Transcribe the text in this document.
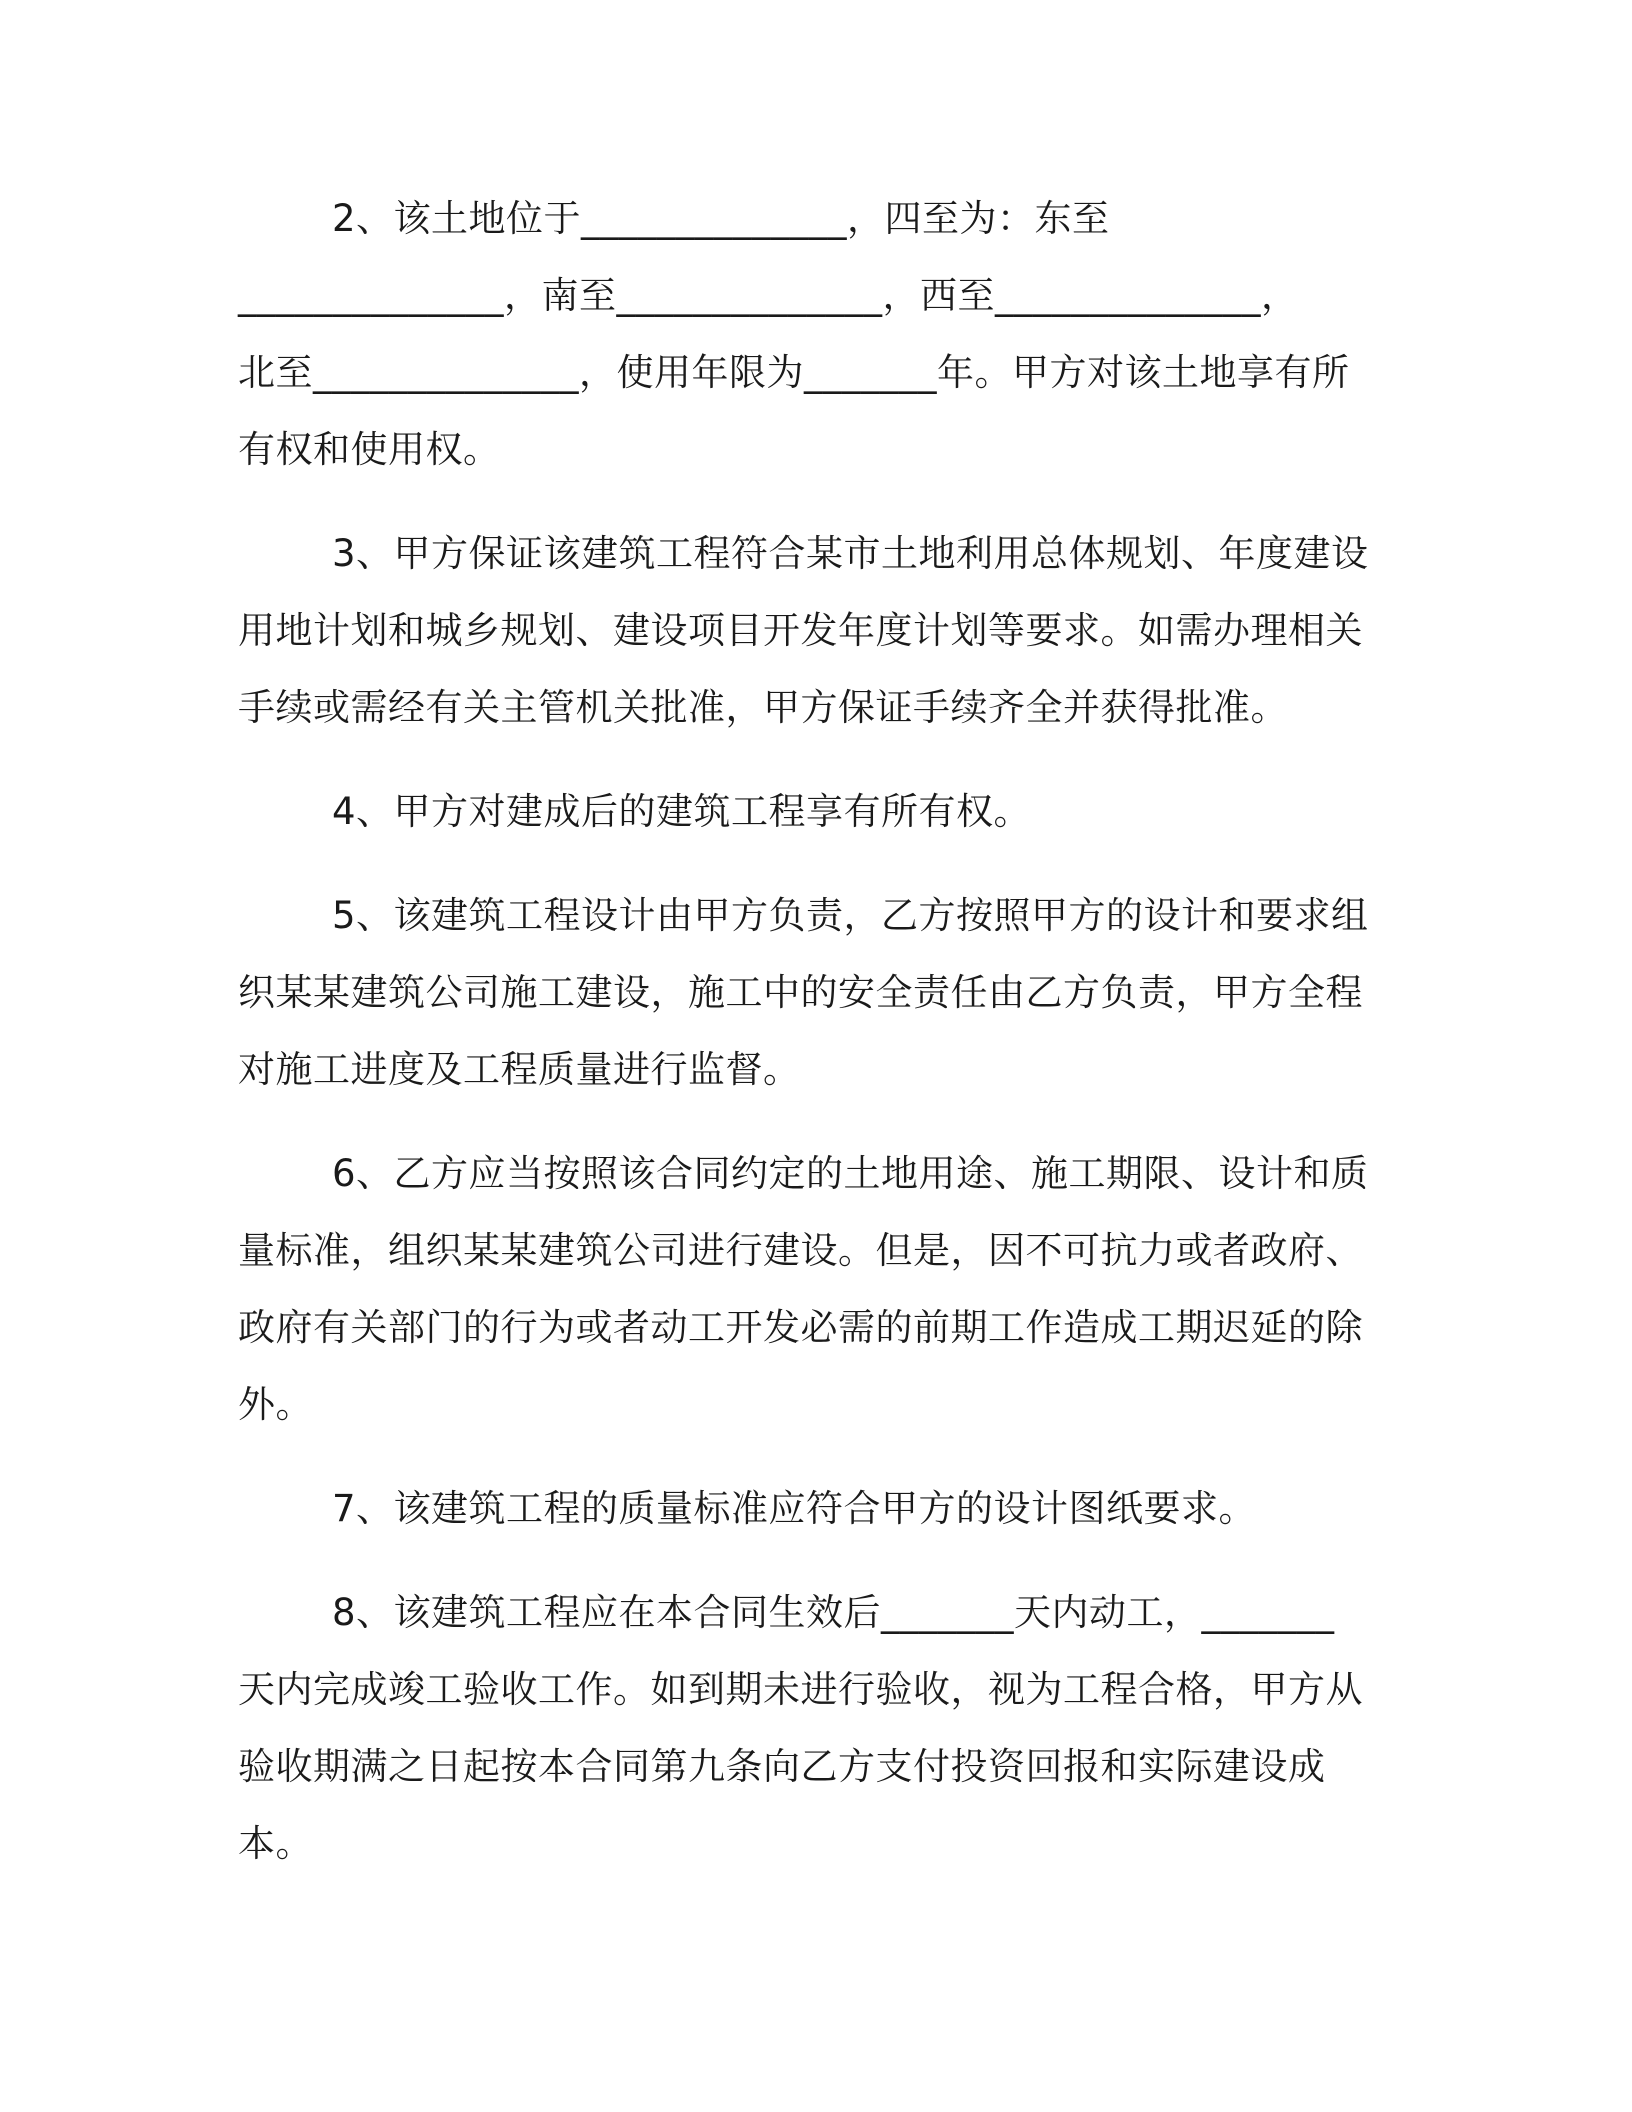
2、该土地位于______________，四至为：东至
______________，南至______________，西至______________，
北至______________，使用年限为_______年。甲方对该土地享有所
有权和使用权。

3、甲方保证该建筑工程符合某市土地利用总体规划、年度建设
用地计划和城乡规划、建设项目开发年度计划等要求。如需办理相关
手续或需经有关主管机关批准，甲方保证手续齐全并获得批准。

4、甲方对建成后的建筑工程享有所有权。

5、该建筑工程设计由甲方负责，乙方按照甲方的设计和要求组
织某某建筑公司施工建设，施工中的安全责任由乙方负责，甲方全程
对施工进度及工程质量进行监督。

6、乙方应当按照该合同约定的土地用途、施工期限、设计和质
量标准，组织某某建筑公司进行建设。但是，因不可抗力或者政府、
政府有关部门的行为或者动工开发必需的前期工作造成工期迟延的除
外。

7、该建筑工程的质量标准应符合甲方的设计图纸要求。

8、该建筑工程应在本合同生效后_______天内动工，_______
天内完成竣工验收工作。如到期未进行验收，视为工程合格，甲方从
验收期满之日起按本合同第九条向乙方支付投资回报和实际建设成本。
